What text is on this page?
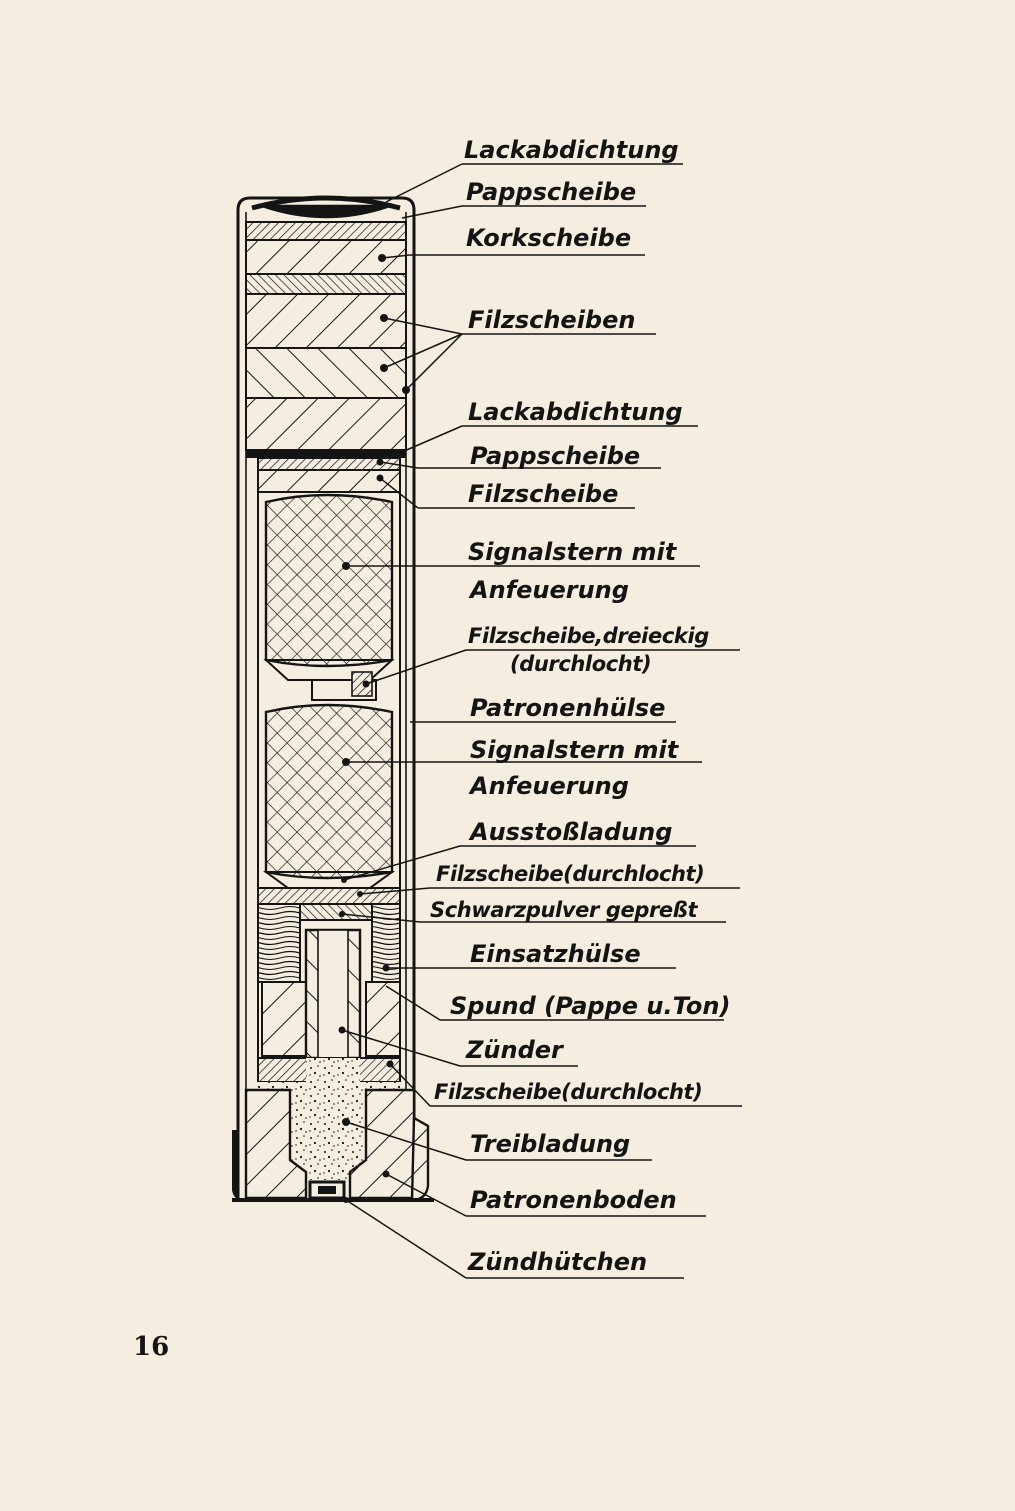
Lackabdichtung
Pappscheibe
Korkscheibe
Filzscheiben
Lackabdichtung
Pappscheibe
Filzscheibe
Signalstern mit
Anfeuerung
Filzscheibe,dreieckig
(durchlocht)
Patronenhülse
Signalstern mit
Anfeuerung
Ausstoßladung
Filzscheibe(durchlocht)
Schwarzpulver gepreßt
Einsatzhülse
Spund (Pappe u.Ton)
Zünder
Filzscheibe(durchlocht)
Treibladung
Patronenboden
Zündhütchen
16
